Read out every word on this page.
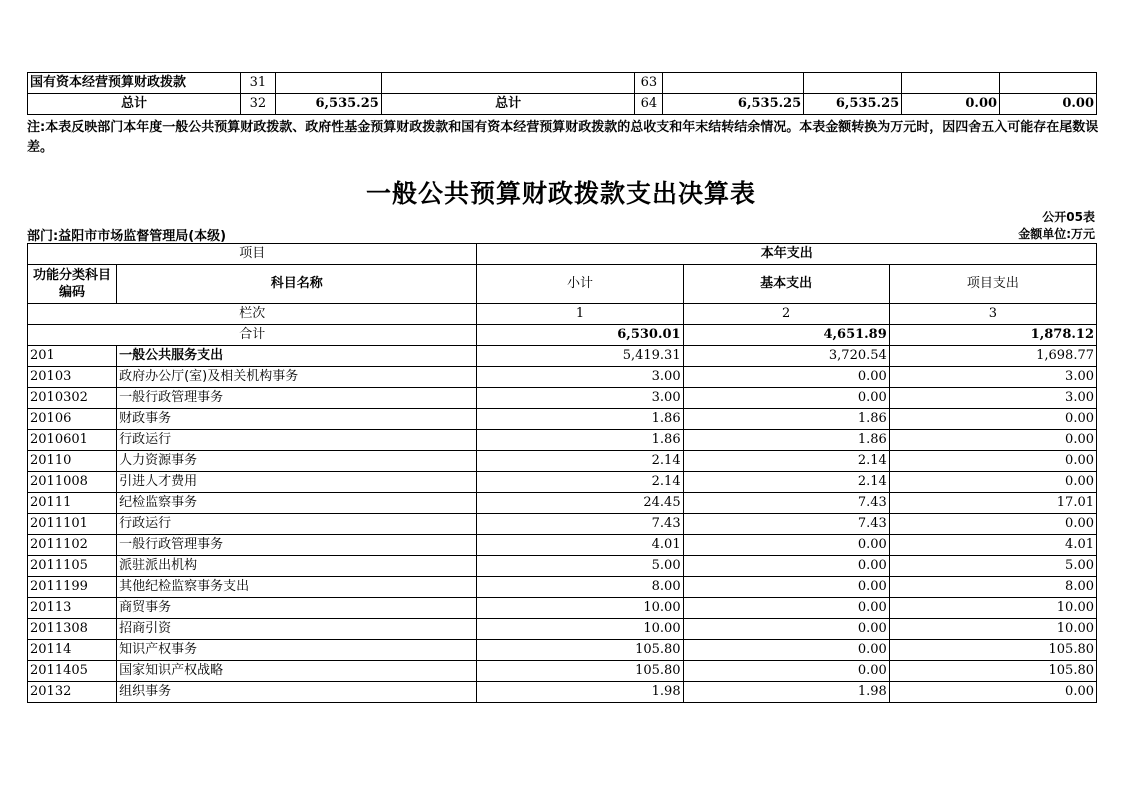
国有资本经营预算财政拨款	31			63				
总计	32	6,535.25	总计	64	6,535.25	6,535.25	0.00	0.00
注:本表反映部门本年度一般公共预算财政拨款、政府性基金预算财政拨款和国有资本经营预算财政拨款的总收支和年末结转结余情况。本表金额转换为万元时，因四舍五入可能存在尾数误差。
一般公共预算财政拨款支出决算表
公开05表
部门:益阳市市场监督管理局(本级)	金额单位:万元
项目		本年支出		
功能分类科目编码	科目名称	小计	基本支出	项目支出
栏次		1	2	3
合计		6,530.01	4,651.89	1,878.12
201	一般公共服务支出	5,419.31	3,720.54	1,698.77
20103	政府办公厅(室)及相关机构事务	3.00	0.00	3.00
2010302	一般行政管理事务	3.00	0.00	3.00
20106	财政事务	1.86	1.86	0.00
2010601	行政运行	1.86	1.86	0.00
20110	人力资源事务	2.14	2.14	0.00
2011008	引进人才费用	2.14	2.14	0.00
20111	纪检监察事务	24.45	7.43	17.01
2011101	行政运行	7.43	7.43	0.00
2011102	一般行政管理事务	4.01	0.00	4.01
2011105	派驻派出机构	5.00	0.00	5.00
2011199	其他纪检监察事务支出	8.00	0.00	8.00
20113	商贸事务	10.00	0.00	10.00
2011308	招商引资	10.00	0.00	10.00
20114	知识产权事务	105.80	0.00	105.80
2011405	国家知识产权战略	105.80	0.00	105.80
20132	组织事务	1.98	1.98	0.00
